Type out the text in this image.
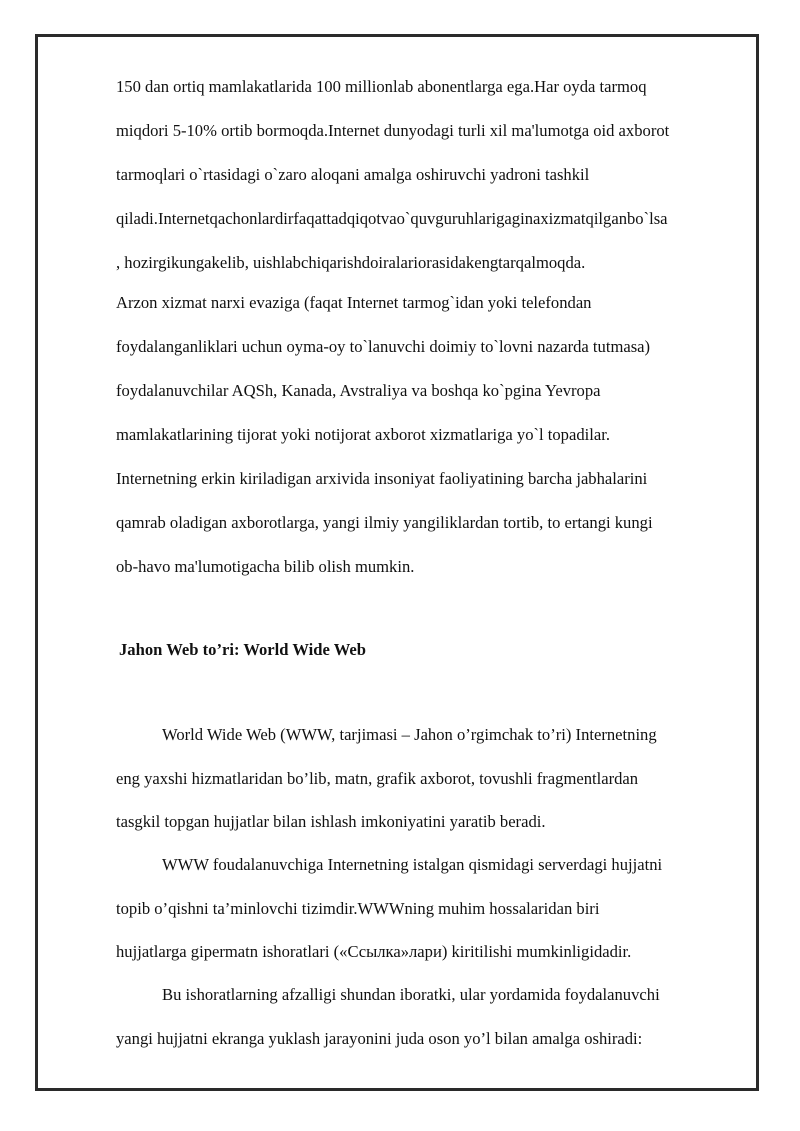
150 dan ortiq mamlakatlarida 100 millionlab abonentlarga ega.Har oyda tarmoq
miqdori 5-10% ortib bormoqda.Internet dunyodagi turli xil ma'lumotga oid axborot
tarmoqlari o`rtasidagi o`zaro aloqani amalga oshiruvchi yadroni tashkil
qiladi.Internetqachonlardirfaqattadqiqotvao`quvguruhlarigaginaxizmatqilganbo`lsa
, hozirgikungakelib, uishlabchiqarishdoiralariorasidakengtarqalmoqda.
Arzon xizmat narxi evaziga (faqat Internet tarmog`idan yoki telefondan
foydalanganliklari uchun oyma-oy to`lanuvchi doimiy to`lovni nazarda tutmasa)
foydalanuvchilar AQSh, Kanada, Avstraliya va boshqa ko`pgina Yevropa
mamlakatlarining tijorat yoki notijorat axborot xizmatlariga yo`l topadilar.
Internetning erkin kiriladigan arxivida insoniyat faoliyatining barcha jabhalarini
qamrab oladigan axborotlarga, yangi ilmiy yangiliklardan tortib, to ertangi kungi
ob-havo ma'lumotigacha bilib olish mumkin.
Jahon Web to’ri: World Wide Web
World Wide Web (WWW, tarjimasi – Jahon o’rgimchak to’ri) Internetning
eng yaxshi hizmatlaridan bo’lib, matn, grafik axborot, tovushli fragmentlardan
tasgkil topgan hujjatlar bilan ishlash imkoniyatini yaratib beradi.
WWW foudalanuvchiga Internetning istalgan qismidagi serverdagi hujjatni
topib o’qishni ta’minlovchi tizimdir.WWWning muhim hossalaridan biri
hujjatlarga gipermatn ishoratlari («Ссылка»лари) kiritilishi mumkinligidadir.
Bu ishoratlarning afzalligi shundan iboratki, ular yordamida foydalanuvchi
yangi hujjatni ekranga yuklash jarayonini juda oson yo’l bilan amalga oshiradi:
